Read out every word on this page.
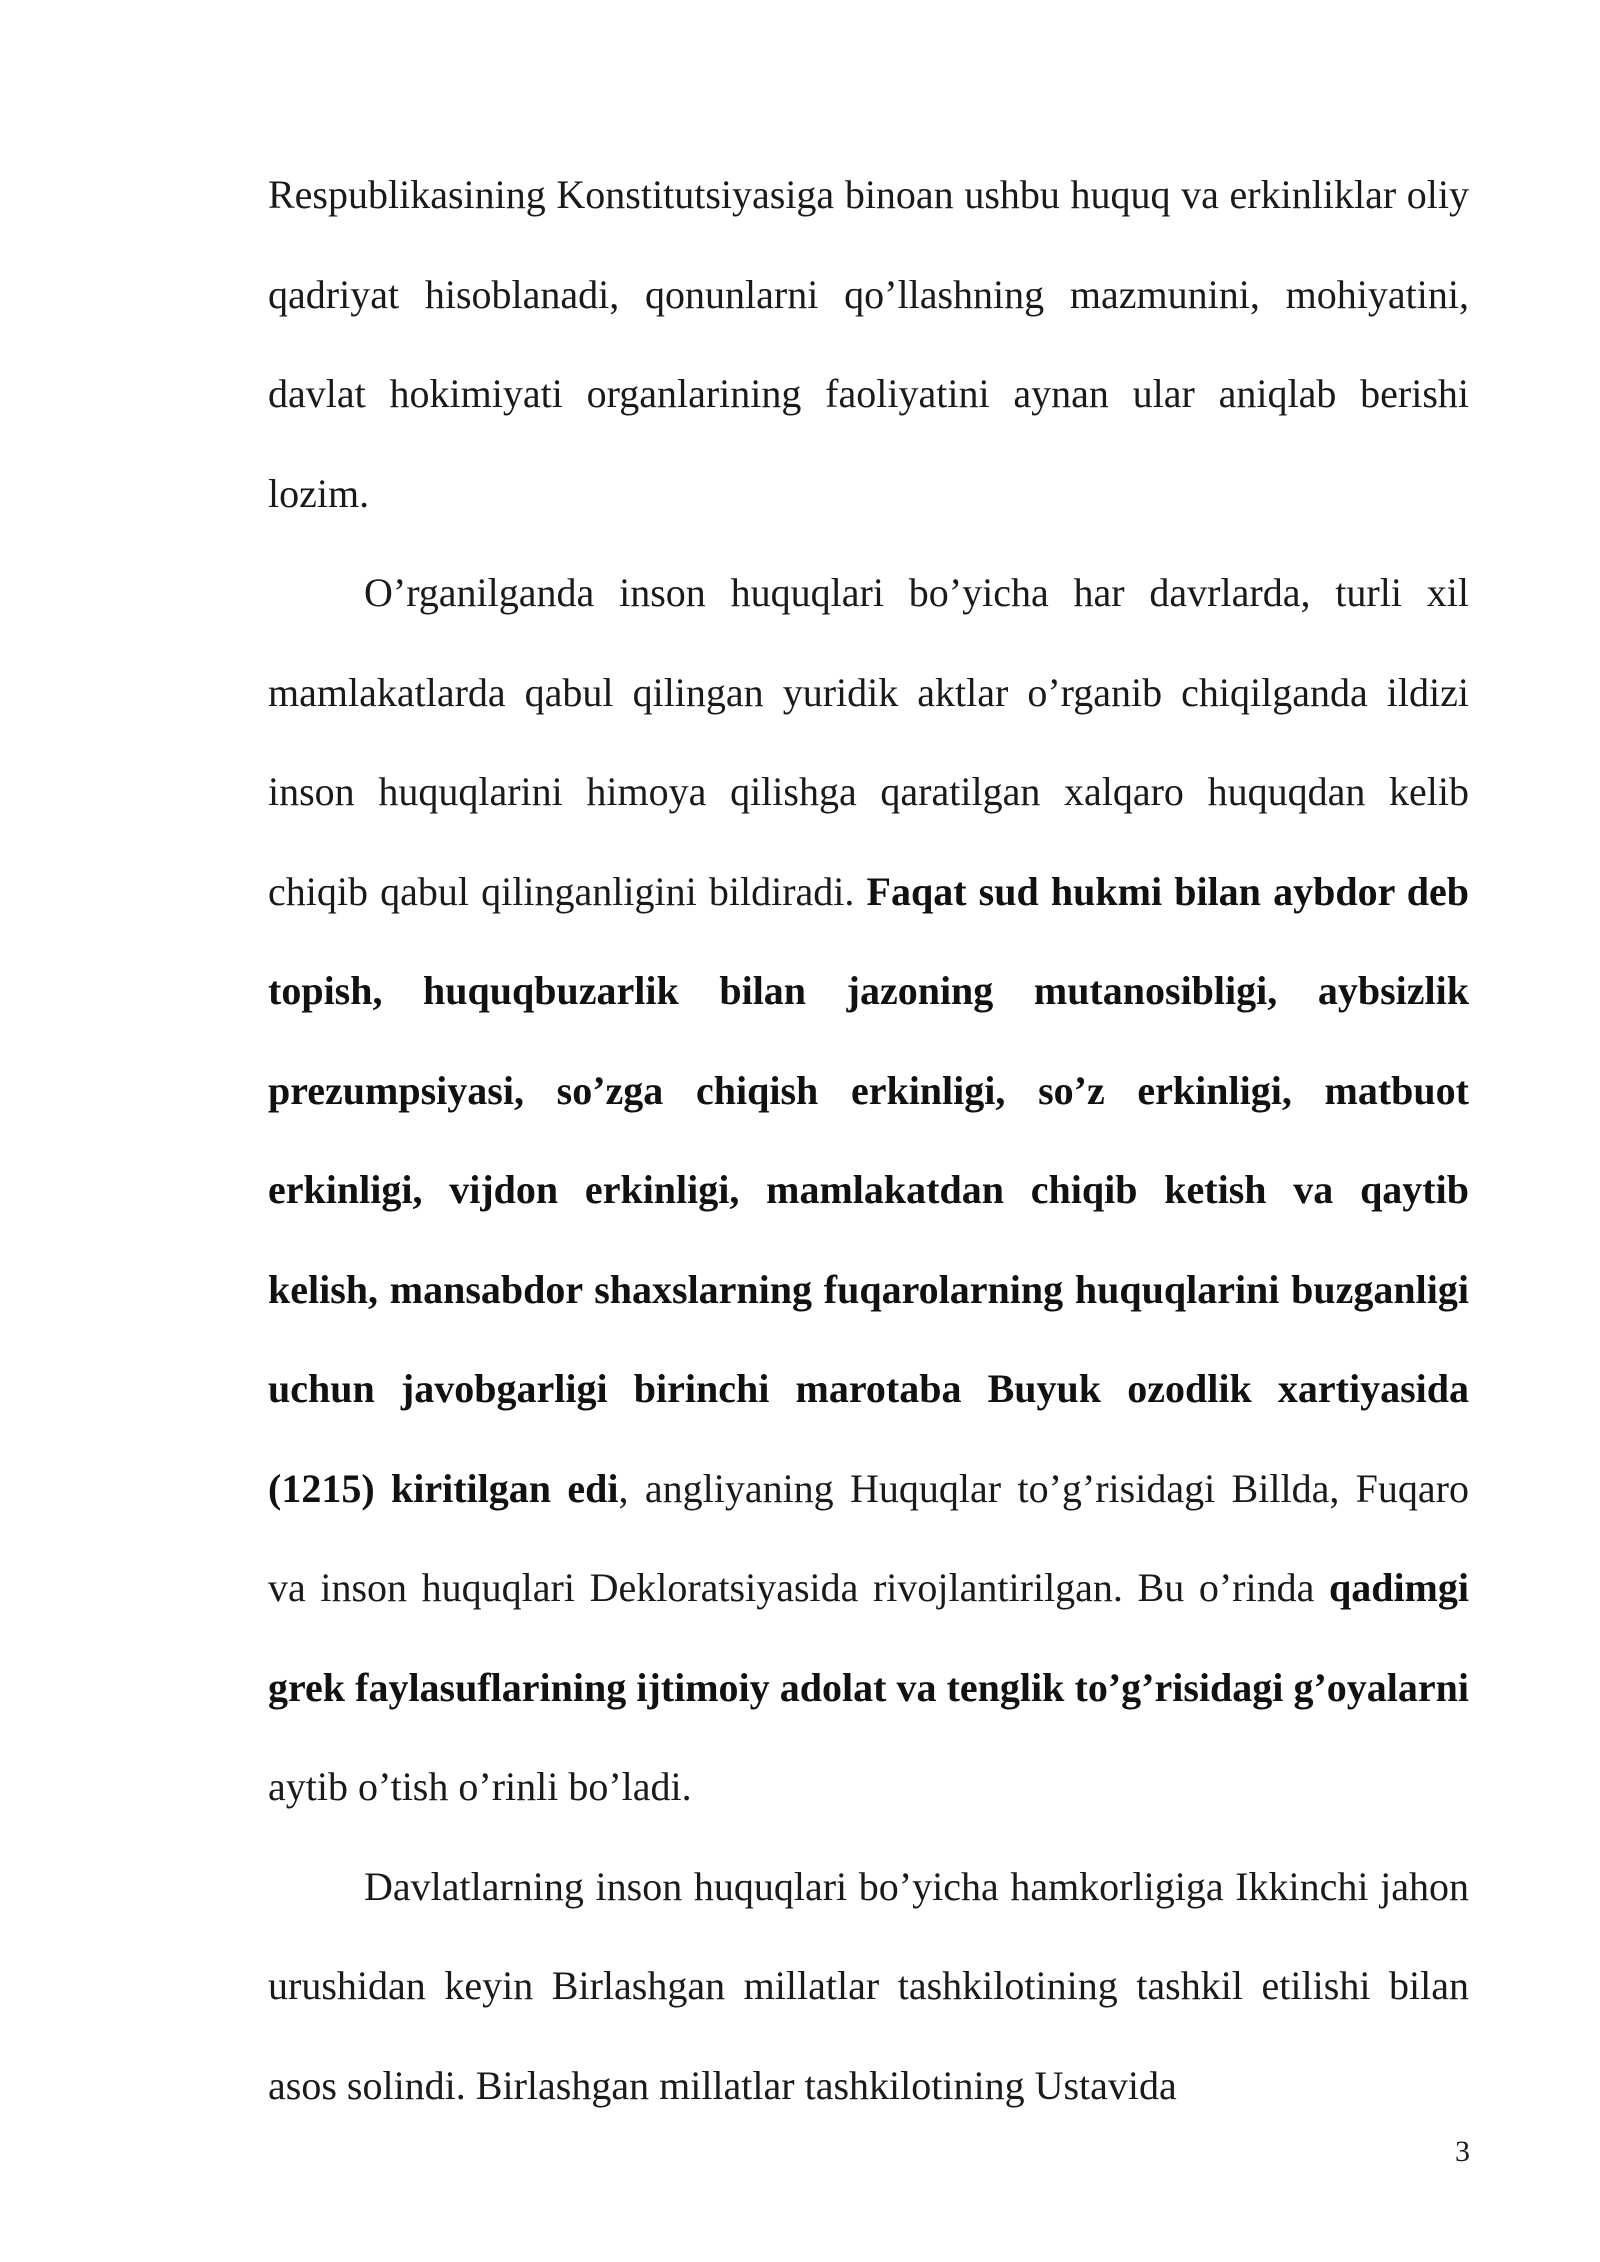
Respublikasining Konstitutsiyasiga binoan ushbu huquq va erkinliklar oliy qadriyat hisoblanadi, qonunlarni qo’llashning mazmunini, mohiyatini, davlat hokimiyati organlarining faoliyatini aynan ular aniqlab berishi lozim.

O’rganilganda inson huquqlari bo’yicha har davrlarda, turli xil mamlakatlarda qabul qilingan yuridik aktlar o’rganib chiqilganda ildizi inson huquqlarini himoya qilishga qaratilgan xalqaro huquqdan kelib chiqib qabul qilinganligini bildiradi. Faqat sud hukmi bilan aybdor deb topish, huquqbuzarlik bilan jazoning mutanosibligi, aybsizlik prezumpsiyasi, so’zga chiqish erkinligi, so’z erkinligi, matbuot erkinligi, vijdon erkinligi, mamlakatdan chiqib ketish va qaytib kelish, mansabdor shaxslarning fuqarolarning huquqlarini buzganligi uchun javobgarligi birinchi marotaba Buyuk ozodlik xartiyasida (1215) kiritilgan edi, angliyaning Huquqlar to’g’risidagi Billda, Fuqaro va inson huquqlari Dekloratsiyasida rivojlantirilgan. Bu o’rinda qadimgi grek faylasuflarining ijtimoiy adolat va tenglik to’g’risidagi g’oyalarni aytib o’tish o’rinli bo’ladi.

Davlatlarning inson huquqlari bo’yicha hamkorligiga Ikkinchi jahon urushidan keyin Birlashgan millatlar tashkilotining tashkil etilishi bilan asos solindi. Birlashgan millatlar tashkilotining Ustavida

3
